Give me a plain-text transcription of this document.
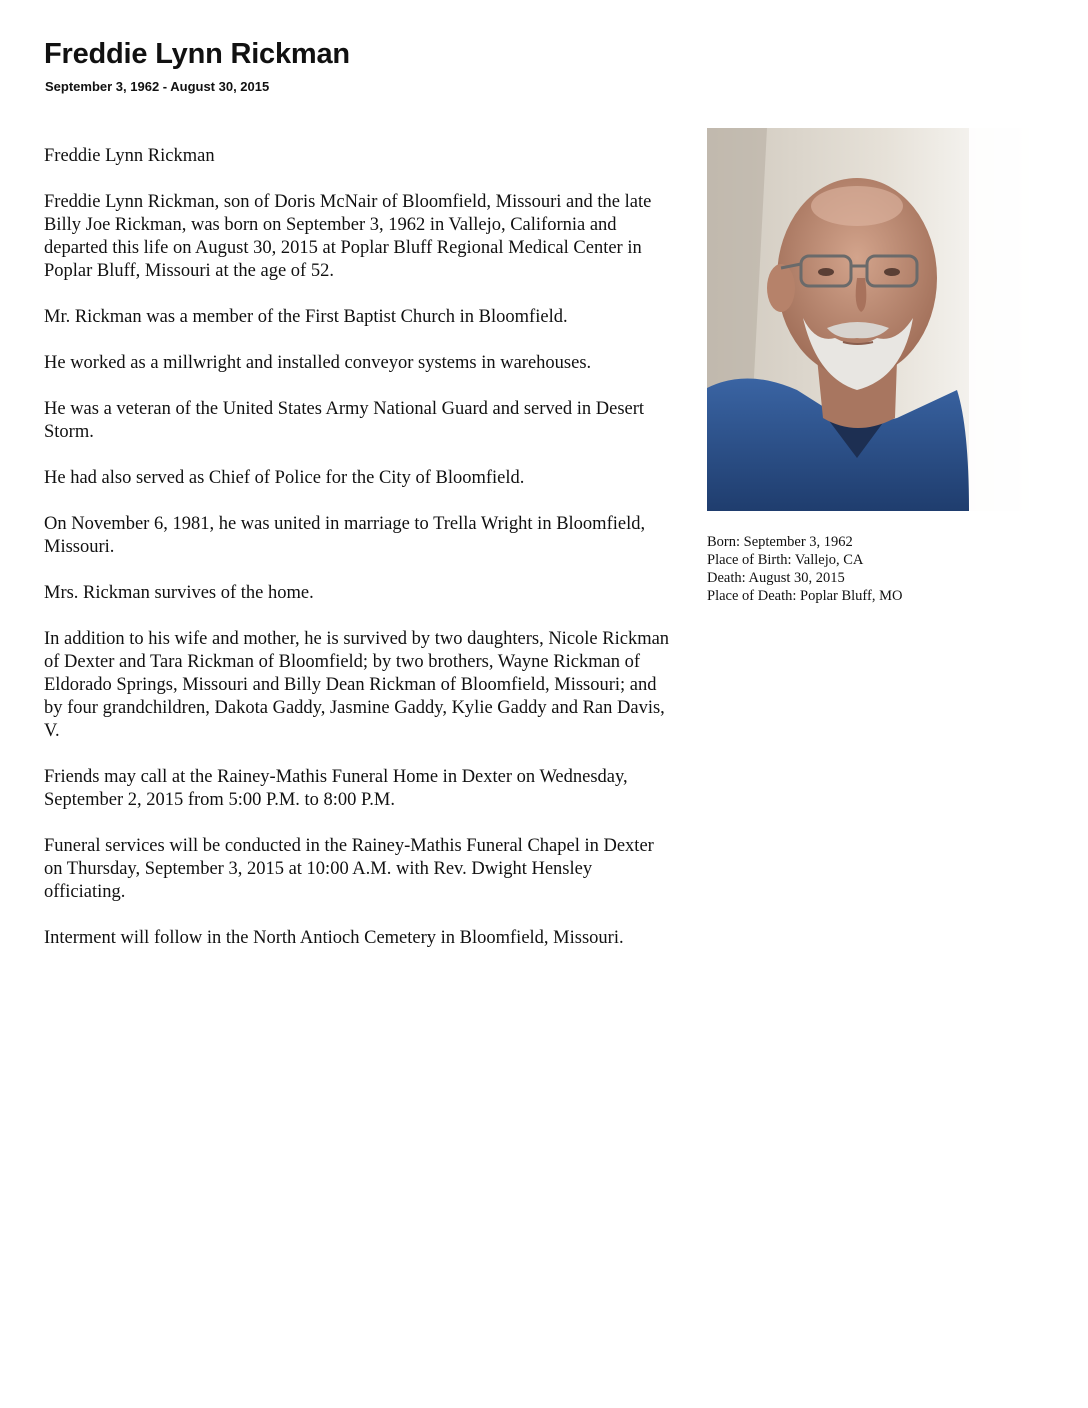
Freddie Lynn Rickman
September 3, 1962 - August 30, 2015

Freddie Lynn Rickman

Freddie Lynn Rickman, son of Doris McNair of Bloomfield, Missouri and the late Billy Joe Rickman, was born on September 3, 1962 in Vallejo, California and departed this life on August 30, 2015 at Poplar Bluff Regional Medical Center in Poplar Bluff, Missouri at the age of 52.

Mr. Rickman was a member of the First Baptist Church in Bloomfield.

He worked as a millwright and installed conveyor systems in warehouses.

He was a veteran of the United States Army National Guard and served in Desert Storm.

He had also served as Chief of Police for the City of Bloomfield.

On November 6, 1981, he was united in marriage to Trella Wright in Bloomfield, Missouri.

Mrs. Rickman survives of the home.

In addition to his wife and mother, he is survived by two daughters, Nicole Rickman of Dexter and Tara Rickman of Bloomfield; by two brothers, Wayne Rickman of Eldorado Springs, Missouri and Billy Dean Rickman of Bloomfield, Missouri; and by four grandchildren, Dakota Gaddy, Jasmine Gaddy, Kylie Gaddy and Ran Davis, V.

Friends may call at the Rainey-Mathis Funeral Home in Dexter on Wednesday, September 2, 2015 from 5:00 P.M. to 8:00 P.M.

Funeral services will be conducted in the Rainey-Mathis Funeral Chapel in Dexter on Thursday, September 3, 2015 at 10:00 A.M. with Rev. Dwight Hensley officiating.

Interment will follow in the North Antioch Cemetery in Bloomfield, Missouri.

Born: September 3, 1962
Place of Birth: Vallejo, CA
Death: August 30, 2015
Place of Death: Poplar Bluff, MO
